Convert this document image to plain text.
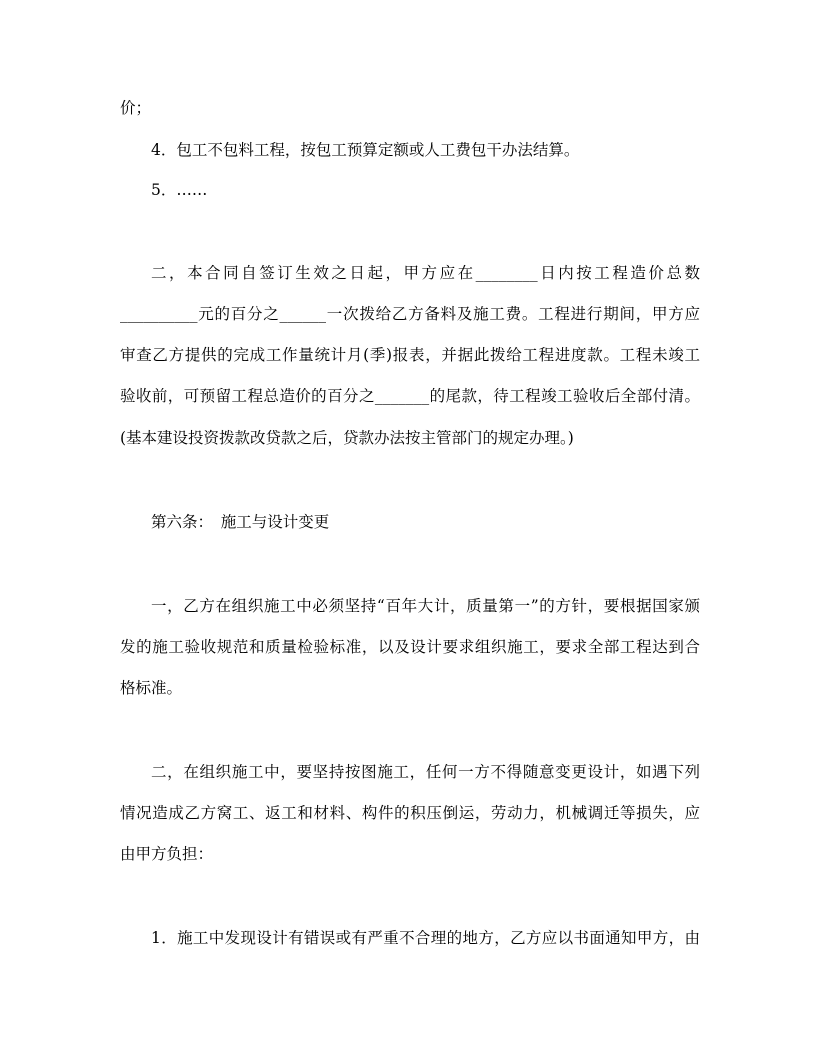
价；
4．包工不包料工程，按包工预算定额或人工费包干办法结算。
5．……
二，本合同自签订生效之日起，甲方应在________日内按工程造价总数
__________元的百分之______一次拨给乙方备料及施工费。工程进行期间，甲方应
审查乙方提供的完成工作量统计月(季)报表，并据此拨给工程进度款。工程未竣工
验收前，可预留工程总造价的百分之_______的尾款，待工程竣工验收后全部付清。
(基本建设投资拨款改贷款之后，贷款办法按主管部门的规定办理。)
第六条：　施工与设计变更
一，乙方在组织施工中必须坚持“百年大计，质量第一”的方针，要根据国家颁
发的施工验收规范和质量检验标准，以及设计要求组织施工，要求全部工程达到合
格标准。
二，在组织施工中，要坚持按图施工，任何一方不得随意变更设计，如遇下列
情况造成乙方窝工、返工和材料、构件的积压倒运，劳动力，机械调迁等损失，应
由甲方负担：
1．施工中发现设计有错误或有严重不合理的地方，乙方应以书面通知甲方，由
